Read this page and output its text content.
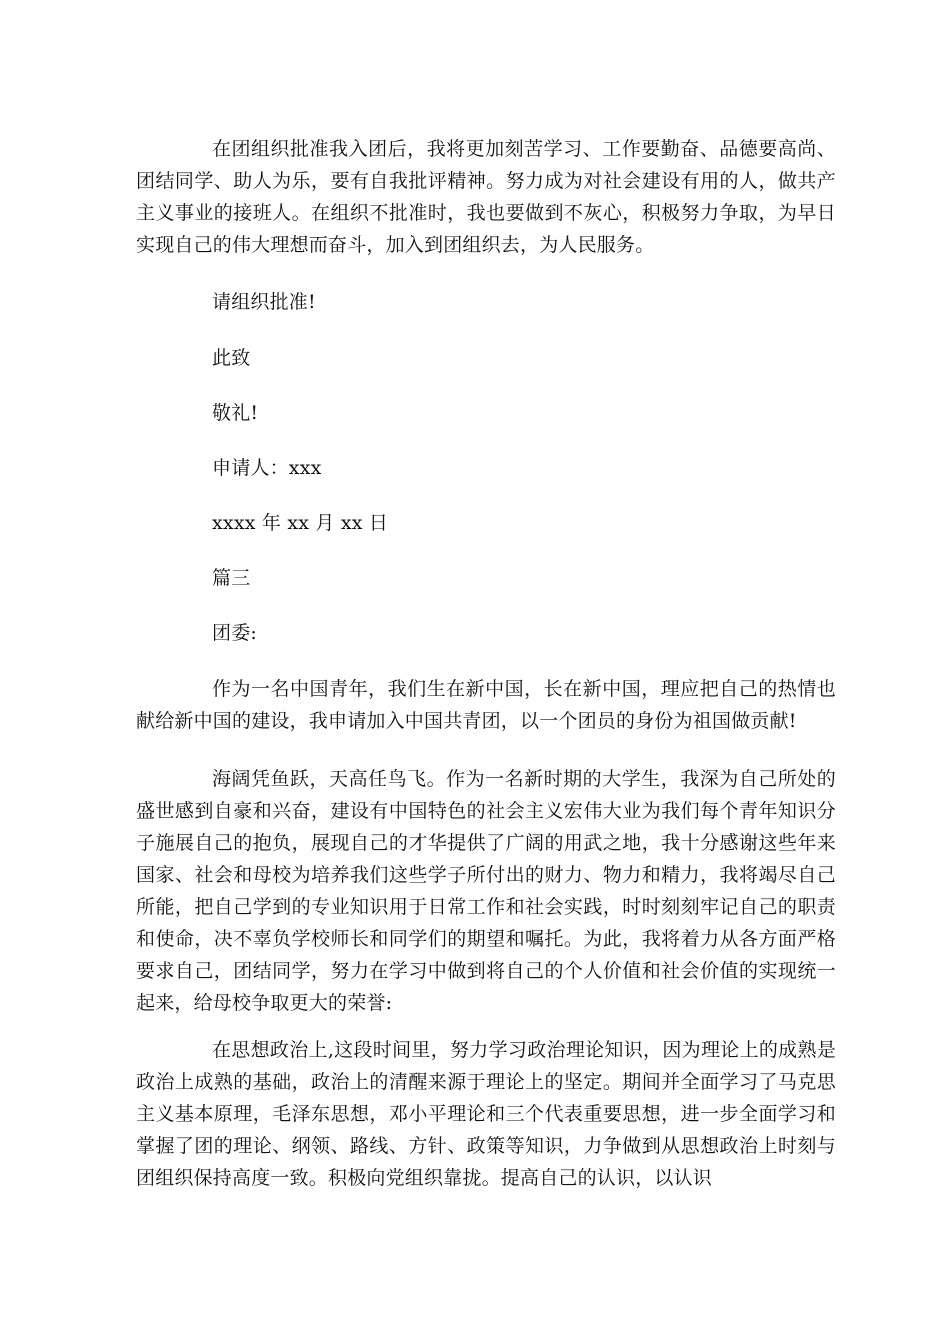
在团组织批准我入团后，我将更加刻苦学习、工作要勤奋、品德要高尚、团结同学、助人为乐，要有自我批评精神。努力成为对社会建设有用的人，做共产主义事业的接班人。在组织不批准时，我也要做到不灰心，积极努力争取，为早日实现自己的伟大理想而奋斗，加入到团组织去，为人民服务。
请组织批准!
此致
敬礼!
申请人：xxx
xxxx 年 xx 月 xx 日
篇三
团委:
作为一名中国青年，我们生在新中国，长在新中国，理应把自己的热情也献给新中国的建设，我申请加入中国共青团，以一个团员的身份为祖国做贡献!
海阔凭鱼跃，天高任鸟飞。作为一名新时期的大学生，我深为自己所处的盛世感到自豪和兴奋，建设有中国特色的社会主义宏伟大业为我们每个青年知识分子施展自己的抱负，展现自己的才华提供了广阔的用武之地，我十分感谢这些年来国家、社会和母校为培养我们这些学子所付出的财力、物力和精力，我将竭尽自己所能，把自己学到的专业知识用于日常工作和社会实践，时时刻刻牢记自己的职责和使命，决不辜负学校师长和同学们的期望和嘱托。为此，我将着力从各方面严格要求自己，团结同学，努力在学习中做到将自己的个人价值和社会价值的实现统一起来，给母校争取更大的荣誉:
在思想政治上,这段时间里，努力学习政治理论知识，因为理论上的成熟是政治上成熟的基础，政治上的清醒来源于理论上的坚定。期间并全面学习了马克思主义基本原理，毛泽东思想，邓小平理论和三个代表重要思想，进一步全面学习和掌握了团的理论、纲领、路线、方针、政策等知识，力争做到从思想政治上时刻与团组织保持高度一致。积极向党组织靠拢。提高自己的认识，以认识
